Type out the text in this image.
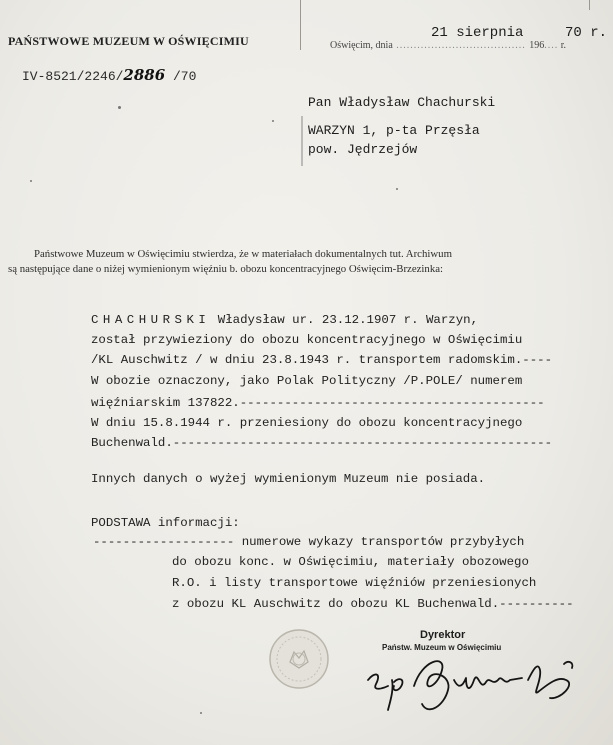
PAŃSTWOWE MUZEUM W OŚWIĘCIMIU
IV-8521/2246/2886 /70
21 sierpnia	70 r.
Oświęcim, dnia ..................................... 196.... r.
Pan Władysław Chachurski
WARZYN 1, p-ta Przęsła
pow. Jędrzejów
Państwowe Muzeum w Oświęcimiu stwierdza, że w materiałach dokumentalnych tut. Archiwum
są następujące dane o niżej wymienionym więźniu b. obozu koncentracyjnego Oświęcim-Brzezinka:
CHACHURSKI Władysław ur. 23.12.1907 r. Warzyn,
został przywieziony do obozu koncentracyjnego w Oświęcimiu
/KL Auschwitz / w dniu 23.8.1943 r. transportem radomskim.----
W obozie oznaczony, jako Polak Polityczny /P.POLE/ numerem
więźniarskim 137822.-----------------------------------------
W dniu 15.8.1944 r. przeniesiony do obozu koncentracyjnego
Buchenwald.---------------------------------------------------
Innych danych o wyżej wymienionym Muzeum nie posiada.
PODSTAWA informacji:
------------------- numerowe wykazy transportów przybyłych
do obozu konc. w Oświęcimiu, materiały obozowego
R.O. i listy transportowe więźniów przeniesionych
z obozu KL Auschwitz do obozu KL Buchenwald.----------
Dyrektor
Państw. Muzeum w Oświęcimiu
